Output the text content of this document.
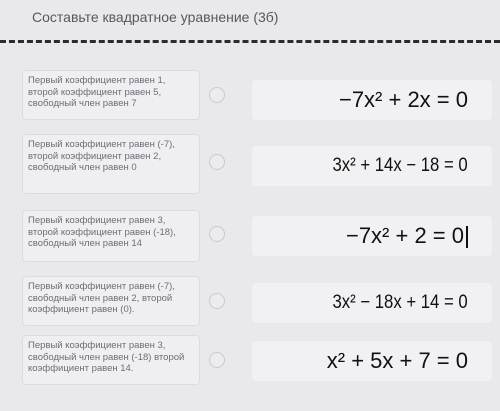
Составьте квадратное уравнение (3б)
Первый коэффициент равен 1, второй коэффициент равен 5, свободный член равен 7
Первый коэффициент равен (-7), второй коэффициент равен 2, свободный член равен 0
Первый коэффициент равен 3, второй коэффициент равен (-18), свободный член равен 14
Первый коэффициент равен (-7), свободный член равен 2, второй коэффициент равен (0).
Первый коэффициент равен 3, свободный член равен (-18) второй коэффициент равен 14.
−7x² + 2x = 0
3x² + 14x − 18 = 0
−7x² + 2 = 0
3x² − 18x + 14 = 0
x² + 5x + 7 = 0
